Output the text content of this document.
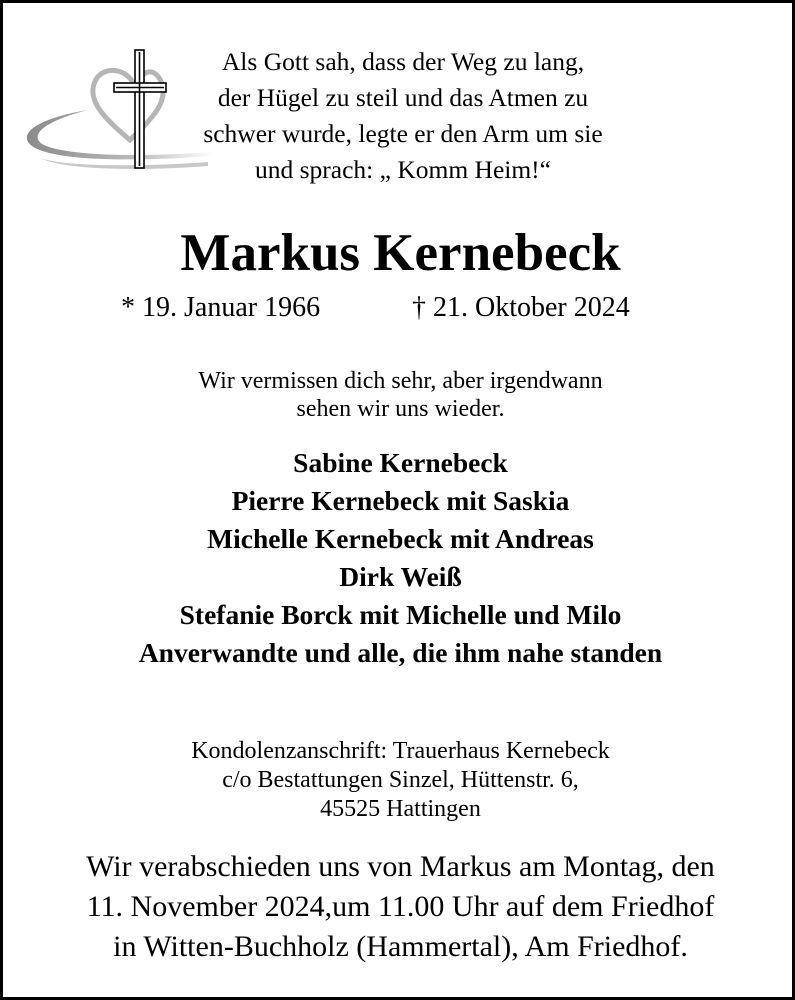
Als Gott sah, dass der Weg zu lang,
der Hügel zu steil und das Atmen zu
schwer wurde, legte er den Arm um sie
und sprach: „ Komm Heim!“
Markus Kernebeck
* 19. Januar 1966	† 21. Oktober 2024
Wir vermissen dich sehr, aber irgendwann
sehen wir uns wieder.
Sabine Kernebeck
Pierre Kernebeck mit Saskia
Michelle Kernebeck mit Andreas
Dirk Weiß
Stefanie Borck mit Michelle und Milo
Anverwandte und alle, die ihm nahe standen
Kondolenzanschrift: Trauerhaus Kernebeck
c/o Bestattungen Sinzel, Hüttenstr. 6,
45525 Hattingen
Wir verabschieden uns von Markus am Montag, den
11. November 2024,um 11.00 Uhr auf dem Friedhof
in Witten-Buchholz (Hammertal), Am Friedhof.
